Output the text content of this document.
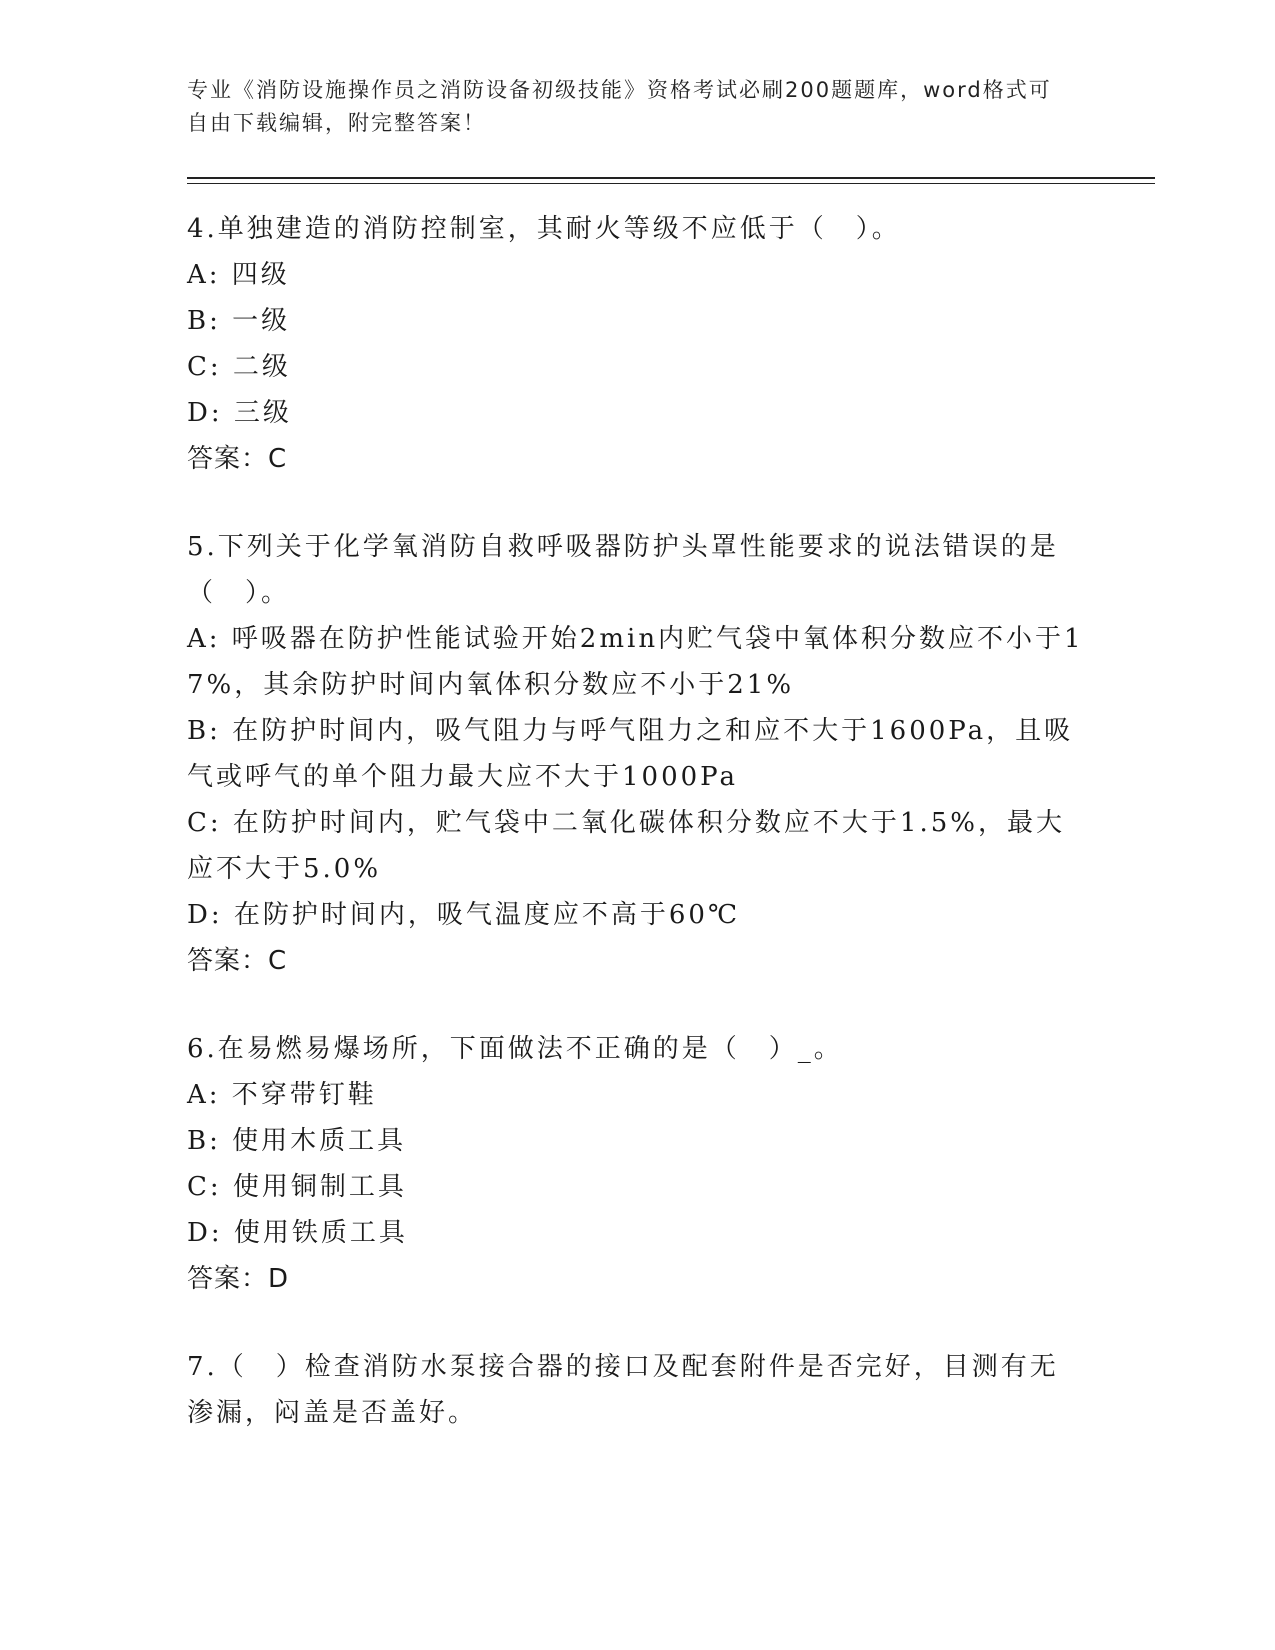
专业《消防设施操作员之消防设备初级技能》资格考试必刷200题题库，word格式可自由下载编辑，附完整答案！
4.单独建造的消防控制室，其耐火等级不应低于（　）。
A: 四级
B: 一级
C: 二级
D: 三级
答案：C
5.下列关于化学氧消防自救呼吸器防护头罩性能要求的说法错误的是（　）。
A: 呼吸器在防护性能试验开始2min内贮气袋中氧体积分数应不小于17%，其余防护时间内氧体积分数应不小于21%
B: 在防护时间内，吸气阻力与呼气阻力之和应不大于1600Pa，且吸气或呼气的单个阻力最大应不大于1000Pa
C: 在防护时间内，贮气袋中二氧化碳体积分数应不大于1.5%，最大应不大于5.0%
D: 在防护时间内，吸气温度应不高于60℃
答案：C
6.在易燃易爆场所，下面做法不正确的是（　）_。
A: 不穿带钉鞋
B: 使用木质工具
C: 使用铜制工具
D: 使用铁质工具
答案：D
7.（　）检查消防水泵接合器的接口及配套附件是否完好，目测有无渗漏，闷盖是否盖好。
